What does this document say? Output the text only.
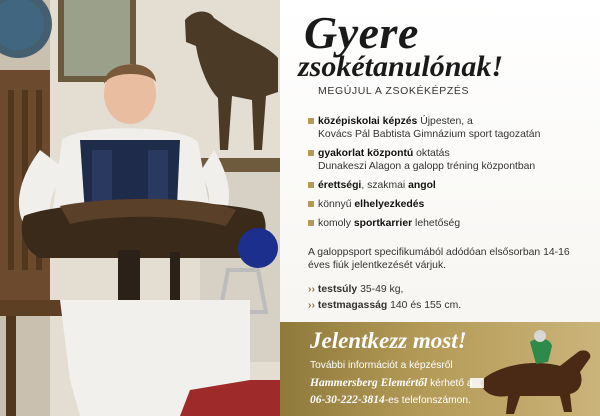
Gyere
zsokétanulónak!
MEGÚJUL A ZSOKÉKÉPZÉS
középiskolai képzés Újpesten, a
Kovács Pál Babtista Gimnázium sport tagozatán
gyakorlat központú oktatás
Dunakeszi Alagon a galopp tréning központban
érettségi, szakmai angol
könnyű elhelyezkedés
komoly sportkarrier lehetőség
A galoppsport specifikumából adódóan elsősorban 14-16 éves fiúk jelentkezését várjuk.
›› testsúly 35-49 kg,
›› testmagasság 140 és 155 cm.
Jelentkezz most!
További információt a képzésről
Hammersberg Elemértől kérhető a
06-30-222-3814-es telefonszámon.
